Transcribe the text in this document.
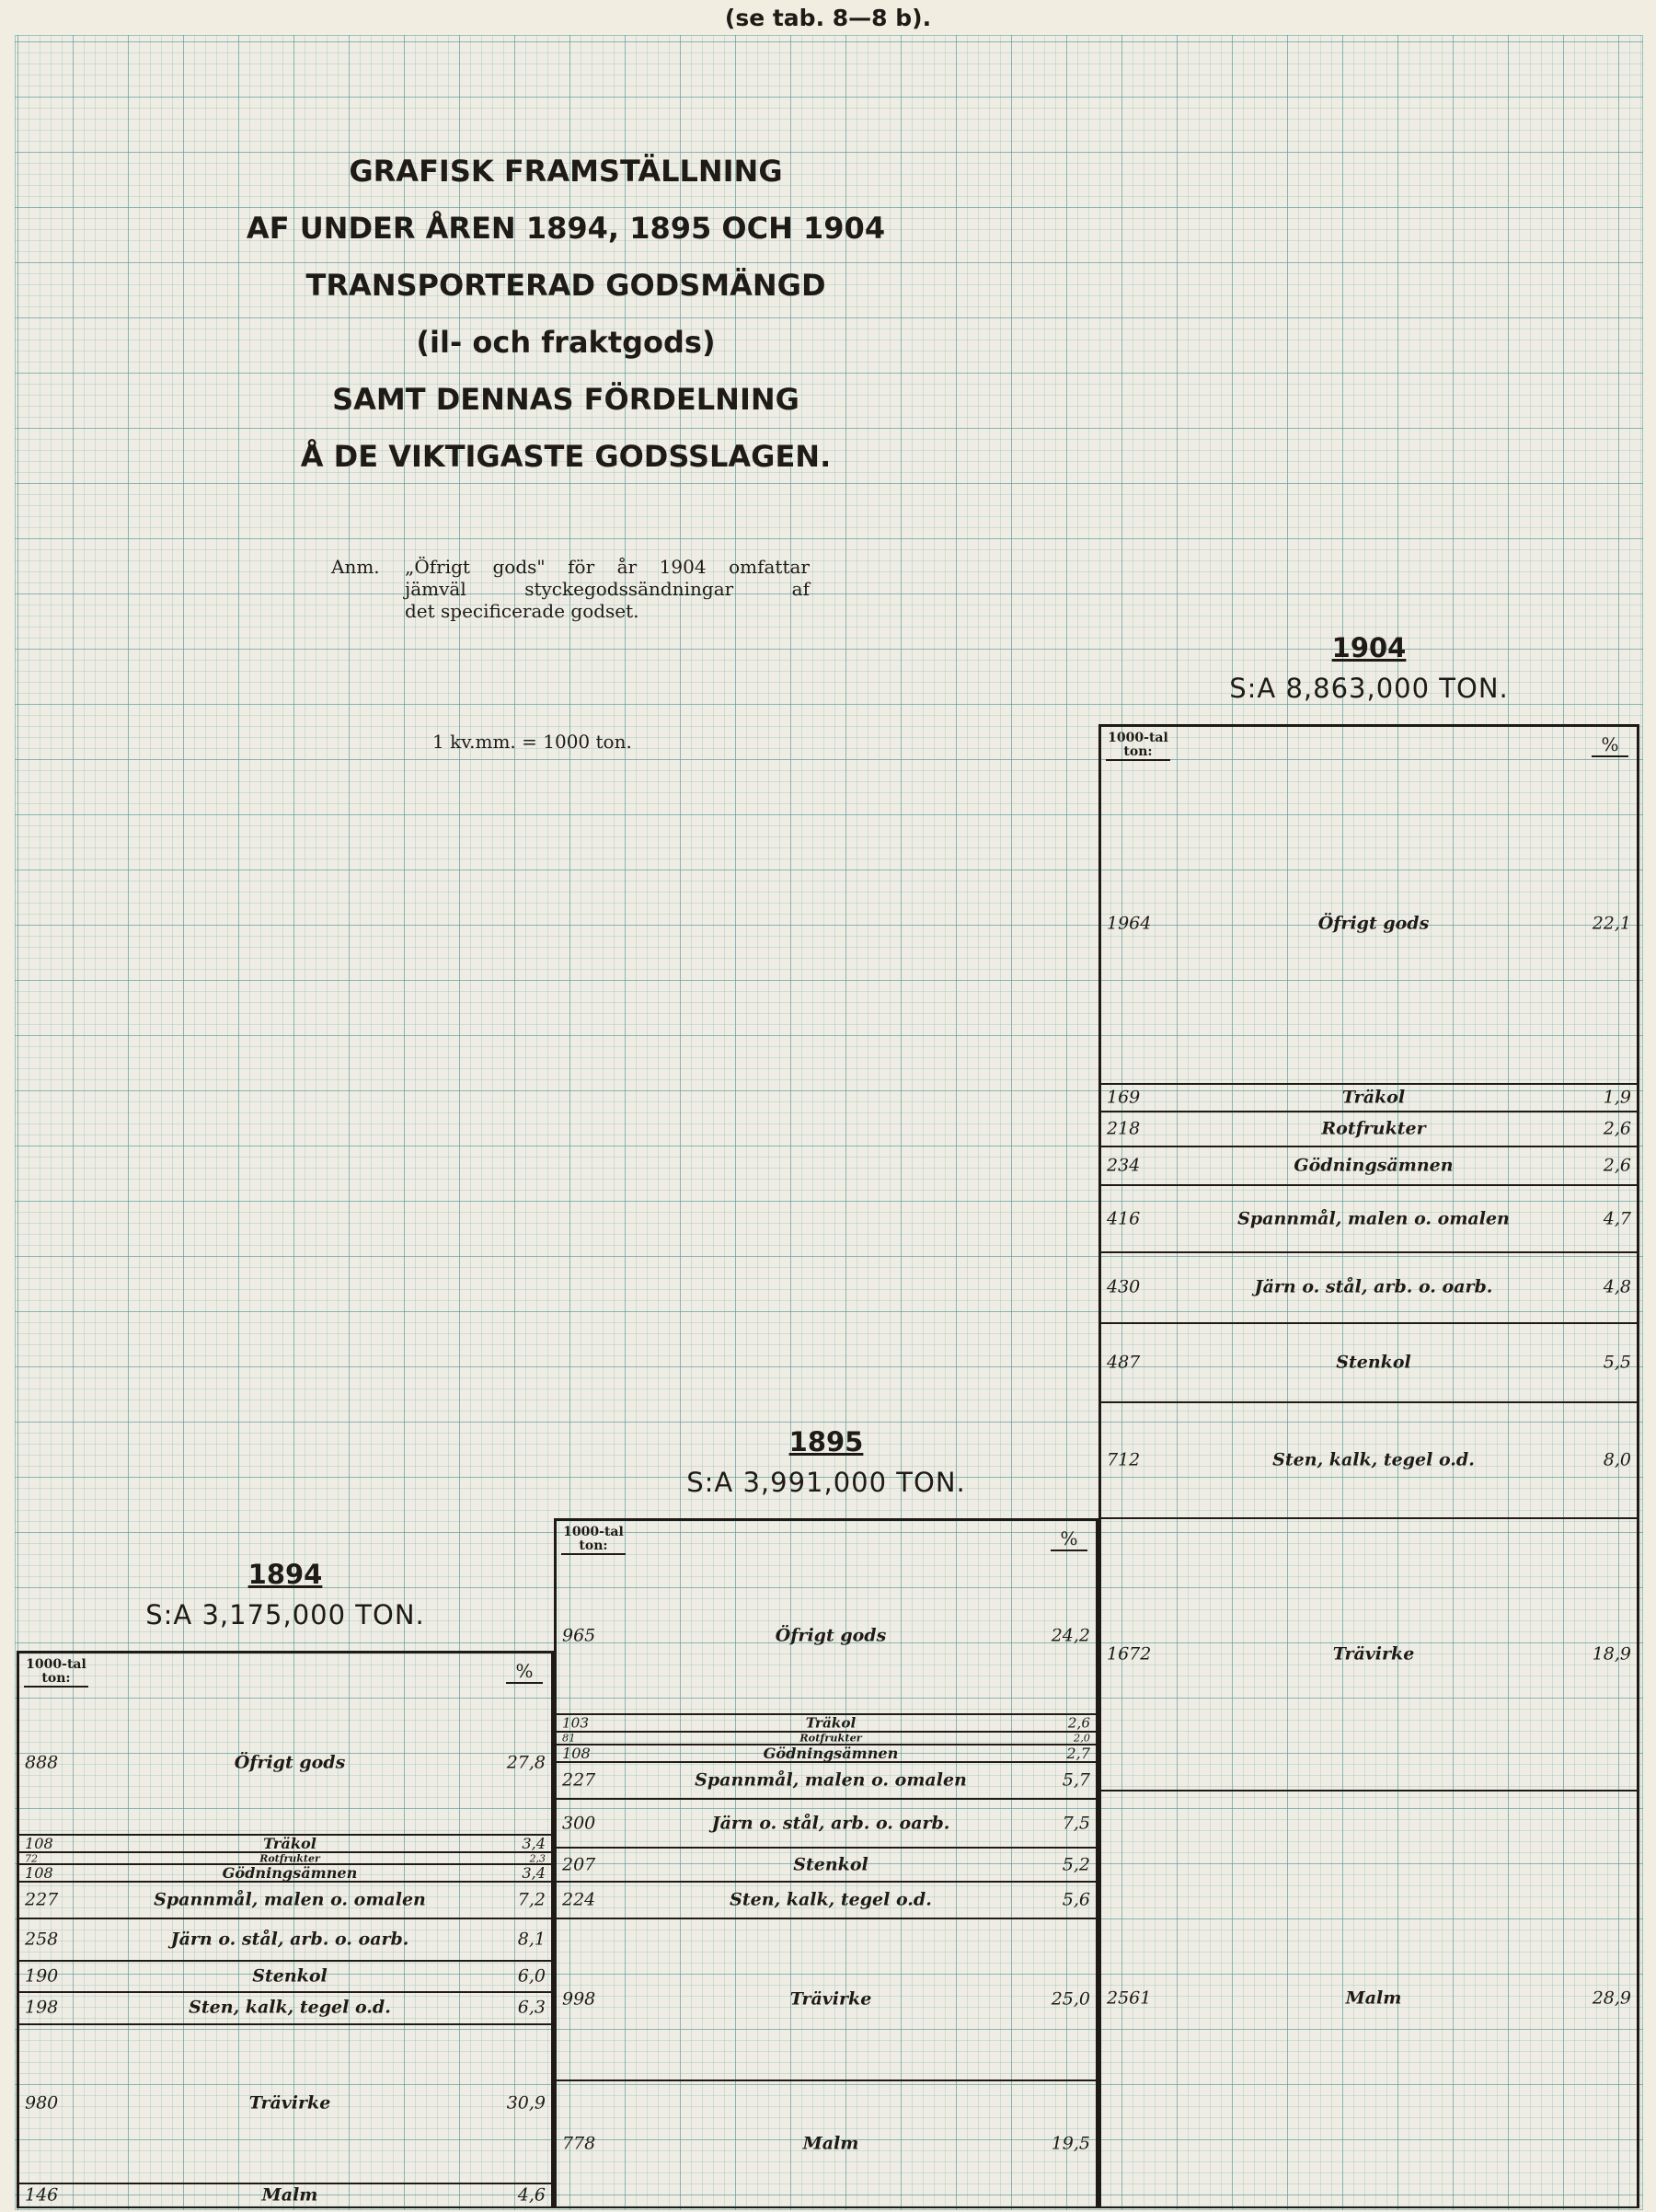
(se tab. 8—8 b).
GRAFISK FRAMSTÄLLNING
AF UNDER ÅREN 1894, 1895 OCH 1904
TRANSPORTERAD GODSMÄNGD
(il- och fraktgods)
SAMT DENNAS FÖRDELNING
Å DE VIKTIGASTE GODSSLAGEN.
Anm. „Öfrigt gods" för år 1904 omfattar
jämväl styckegodssändningar af
det specificerade godset.
1 kv.mm. = 1000 ton.
1894
S:A 3,175,000 TON.
1000-tal
ton:	%
888	Öfrigt gods	27,8
108	Träkol	3,4
72	Rotfrukter	2,3
108	Gödningsämnen	3,4
227	Spannmål, malen o. omalen	7,2
258	Järn o. stål, arb. o. oarb.	8,1
190	Stenkol	6,0
198	Sten, kalk, tegel o.d.	6,3
980	Trävirke	30,9
146	Malm	4,6
1895
S:A 3,991,000 TON.
1000-tal
ton:	%
965	Öfrigt gods	24,2
103	Träkol	2,6
81	Rotfrukter	2,0
108	Gödningsämnen	2,7
227	Spannmål, malen o. omalen	5,7
300	Järn o. stål, arb. o. oarb.	7,5
207	Stenkol	5,2
224	Sten, kalk, tegel o.d.	5,6
998	Trävirke	25,0
778	Malm	19,5
1904
S:A 8,863,000 TON.
1000-tal
ton:	%
1964	Öfrigt gods	22,1
169	Träkol	1,9
218	Rotfrukter	2,6
234	Gödningsämnen	2,6
416	Spannmål, malen o. omalen	4,7
430	Järn o. stål, arb. o. oarb.	4,8
487	Stenkol	5,5
712	Sten, kalk, tegel o.d.	8,0
1672	Trävirke	18,9
2561	Malm	28,9
